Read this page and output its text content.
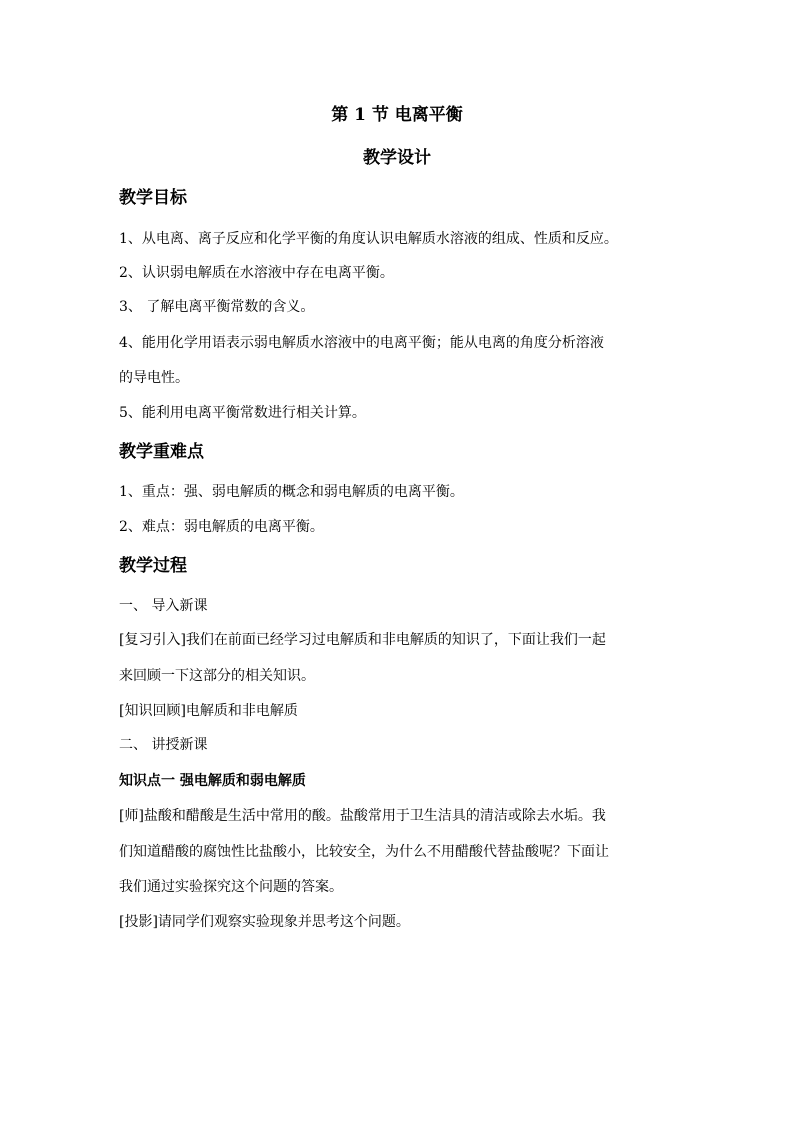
第 1 节 电离平衡
教学设计
教学目标
1、从电离、离子反应和化学平衡的角度认识电解质水溶液的组成、性质和反应。
2、认识弱电解质在水溶液中存在电离平衡。
3、 了解电离平衡常数的含义。
4、能用化学用语表示弱电解质水溶液中的电离平衡；能从电离的角度分析溶液
的导电性。
5、能利用电离平衡常数进行相关计算。
教学重难点
1、重点：强、弱电解质的概念和弱电解质的电离平衡。
2、难点：弱电解质的电离平衡。
教学过程
一、 导入新课
[复习引入]我们在前面已经学习过电解质和非电解质的知识了，下面让我们一起
来回顾一下这部分的相关知识。
[知识回顾]电解质和非电解质
二、 讲授新课
知识点一 强电解质和弱电解质
[师]盐酸和醋酸是生活中常用的酸。盐酸常用于卫生洁具的清洁或除去水垢。我
们知道醋酸的腐蚀性比盐酸小，比较安全，为什么不用醋酸代替盐酸呢？下面让
我们通过实验探究这个问题的答案。
[投影]请同学们观察实验现象并思考这个问题。
